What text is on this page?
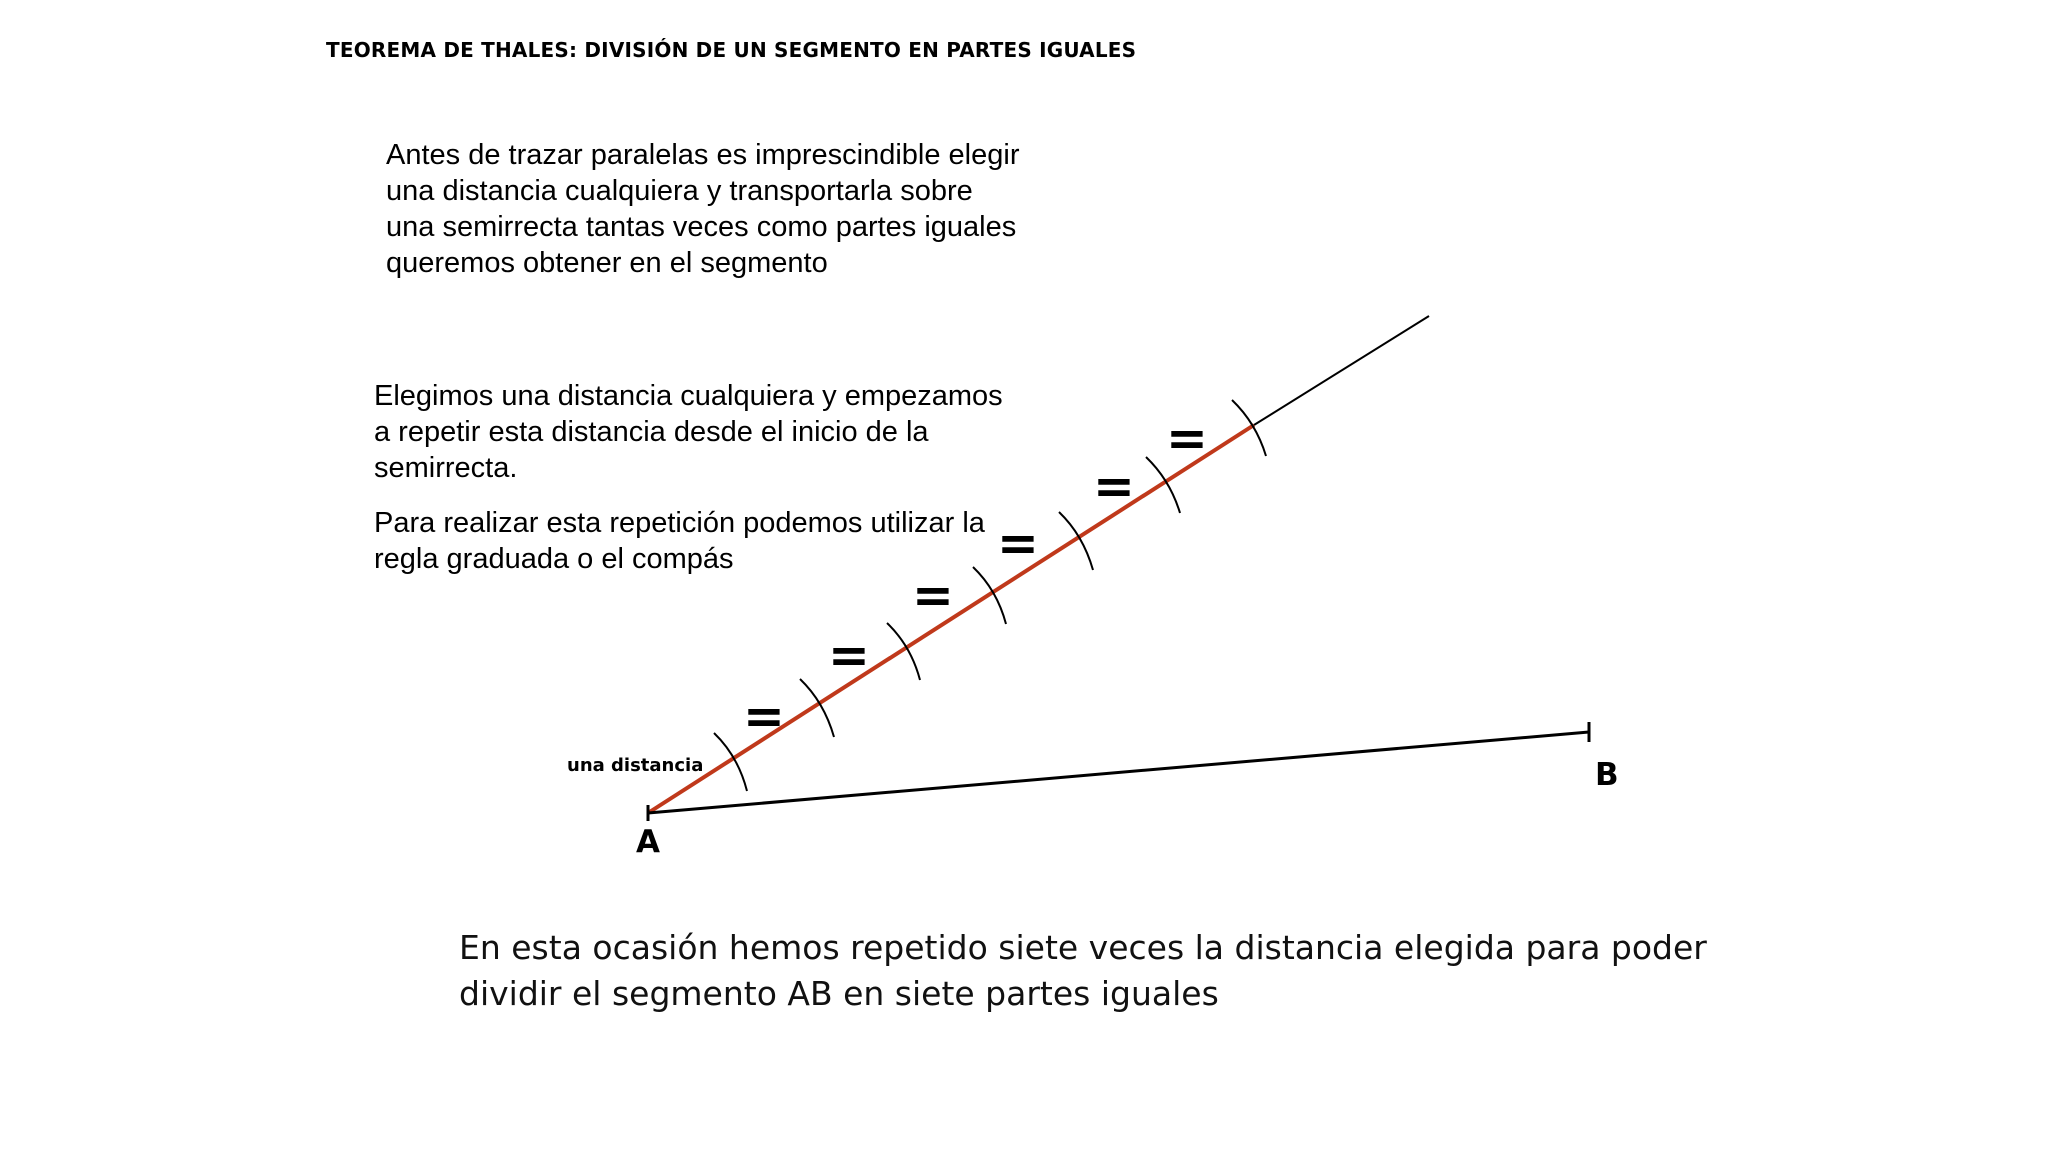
TEOREMA DE THALES: DIVISIÓN DE UN SEGMENTO EN PARTES IGUALES

Antes de trazar paralelas es imprescindible elegir una distancia cualquiera y transportarla sobre una semirrecta tantas veces como partes iguales queremos obtener en el segmento

Elegimos una distancia cualquiera y empezamos a repetir esta distancia desde el inicio de la semirrecta.

Para realizar esta repetición podemos utilizar la regla graduada o el compás

=
=
=
=
=
=
una distancia
A
B
En esta ocasión hemos repetido siete veces la distancia elegida para poder dividir el segmento AB en siete partes iguales
